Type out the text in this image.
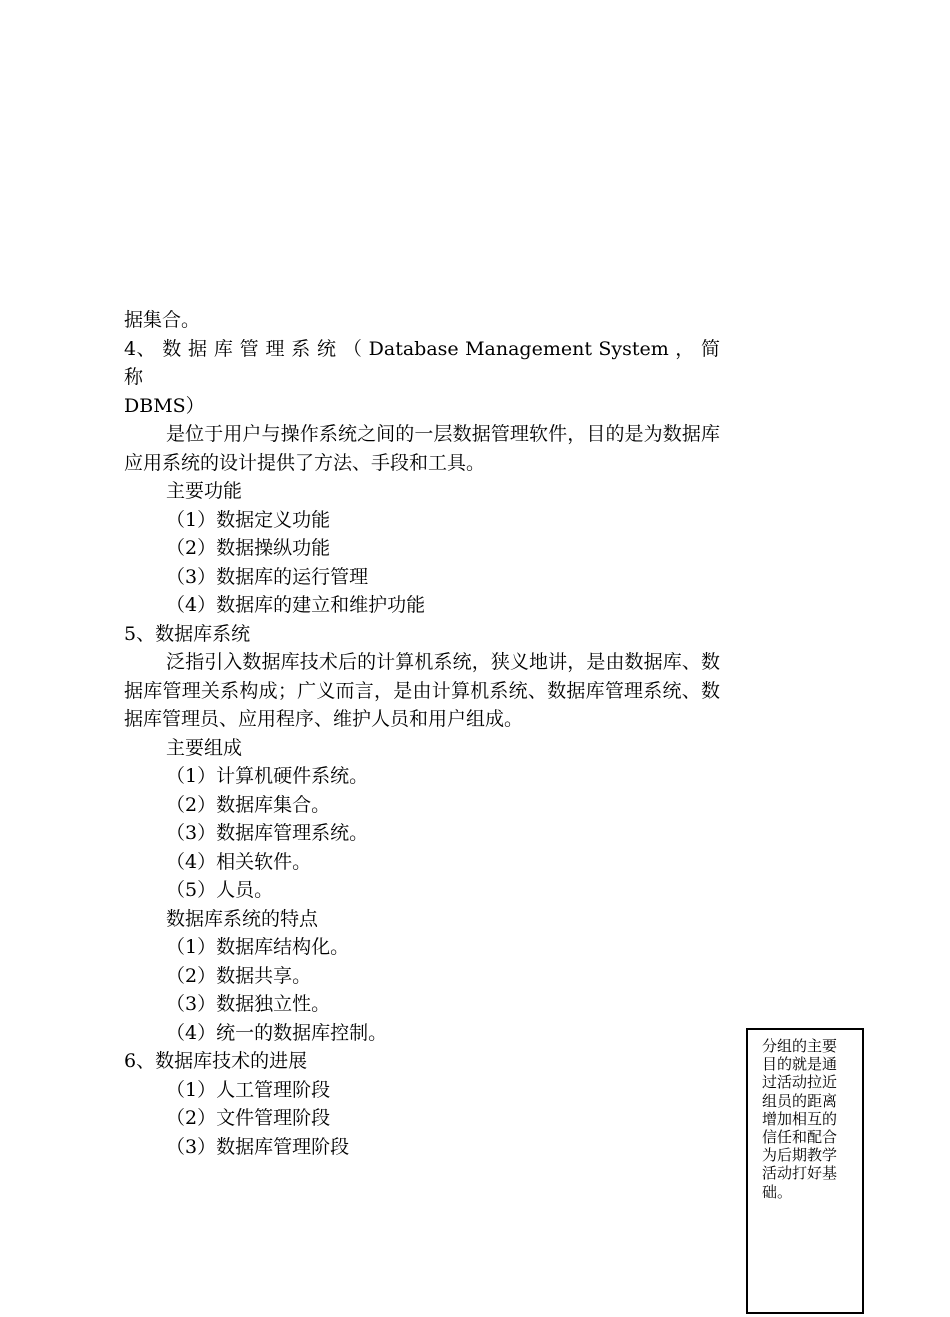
据集合。

4、 数 据 库 管 理 系 统 （ Database Management System ， 简 称

DBMS）

是位于用户与操作系统之间的一层数据管理软件，目的是为数据库应用系统的设计提供了方法、手段和工具。

主要功能

（1）数据定义功能

（2）数据操纵功能

（3）数据库的运行管理

（4）数据库的建立和维护功能

5、数据库系统

泛指引入数据库技术后的计算机系统，狭义地讲，是由数据库、数据库管理关系构成；广义而言，是由计算机系统、数据库管理系统、数据库管理员、应用程序、维护人员和用户组成。

主要组成

（1）计算机硬件系统。

（2）数据库集合。

（3）数据库管理系统。

（4）相关软件。

（5）人员。

数据库系统的特点

（1）数据库结构化。

（2）数据共享。

（3）数据独立性。

（4）统一的数据库控制。

6、数据库技术的进展

（1）人工管理阶段

（2）文件管理阶段

（3）数据库管理阶段

分组的主要目的就是通过活动拉近组员的距离增加相互的信任和配合为后期教学活动打好基础。
